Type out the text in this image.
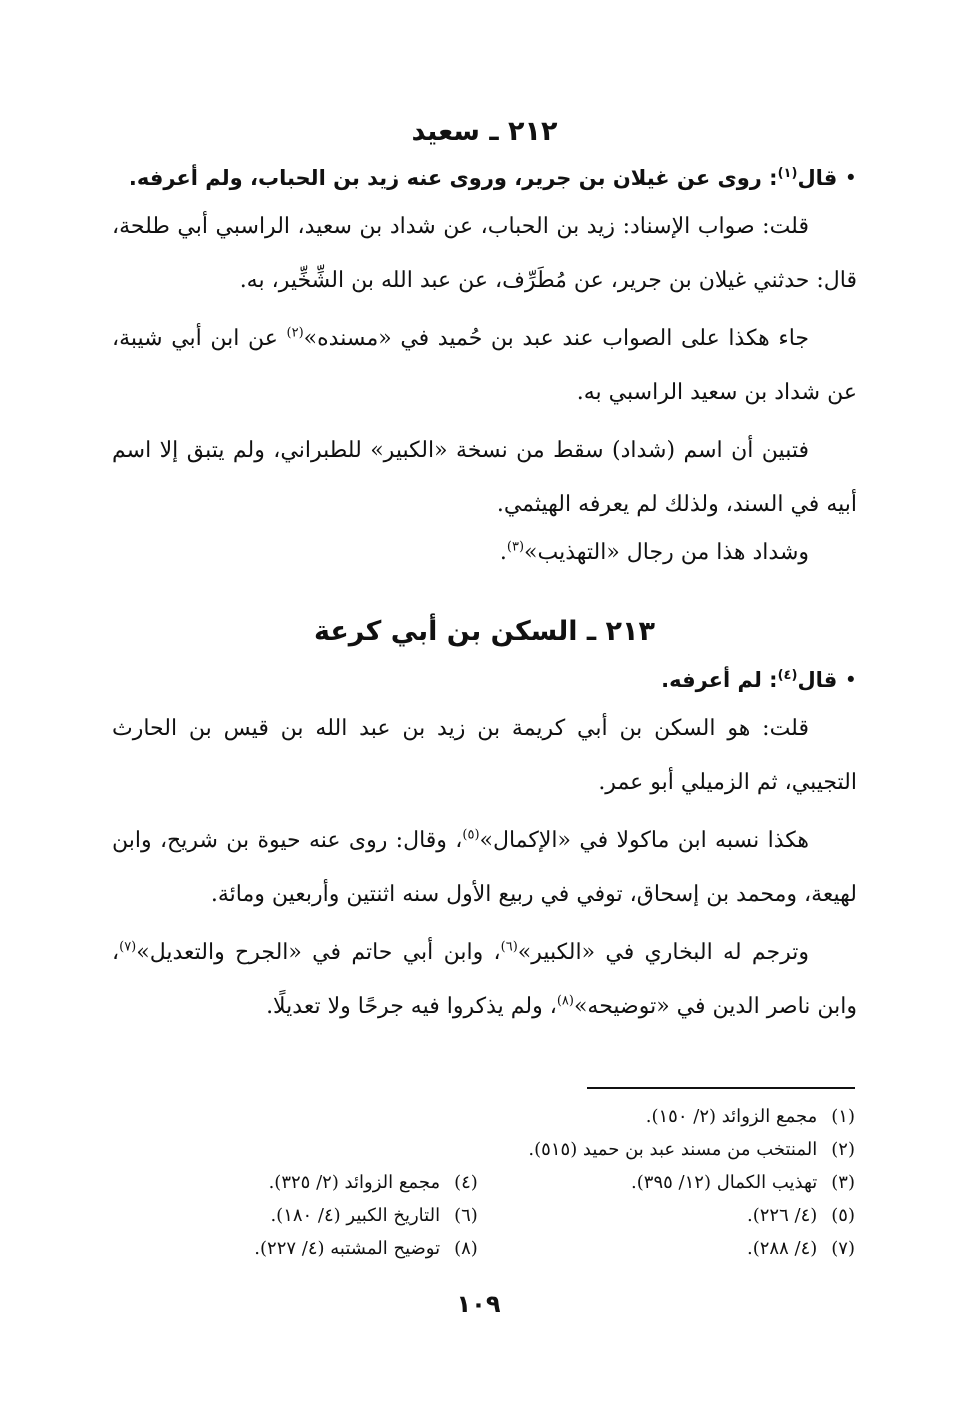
٢١٢ ـ سعيد

• قال$^{(١)}$: روى عن غيلان بن جرير، وروى عنه زيد بن الحباب، ولم أعرفه.

قلت: صواب الإسناد: زيد بن الحباب، عن شداد بن سعيد، الراسبي أبي طلحة، قال: حدثني غيلان بن جرير، عن مُطَرِّف، عن عبد الله بن الشِّخِّير، به.

جاء هكذا على الصواب عند عبد بن حُميد في «مسنده»$^{(٢)}$ عن ابن أبي شيبة، عن شداد بن سعيد الراسبي به.

فتبين أن اسم (شداد) سقط من نسخة «الكبير» للطبراني، ولم يتبق إلا اسم أبيه في السند، ولذلك لم يعرفه الهيثمي.

وشداد هذا من رجال «التهذيب»$^{(٣)}$.

٢١٣ ـ السكن بن أبي كرعة

• قال$^{(٤)}$: لم أعرفه.

قلت: هو السكن بن أبي كريمة بن زيد بن عبد الله بن قيس بن الحارث التجيبي، ثم الزميلي أبو عمر.

هكذا نسبه ابن ماكولا في «الإكمال»$^{(٥)}$، وقال: روى عنه حيوة بن شريح، وابن لهيعة، ومحمد بن إسحاق، توفي في ربيع الأول سنه اثنتين وأربعين ومائة.

وترجم له البخاري في «الكبير»$^{(٦)}$، وابن أبي حاتم في «الجرح والتعديل»$^{(٧)}$، وابن ناصر الدين في «توضيحه»$^{(٨)}$، ولم يذكروا فيه جرحًا ولا تعديلًا.

(١)مجمع الزوائد (٢/ ١٥٠).
(٢)المنتخب من مسند عبد بن حميد (٥١٥).
(٣)تهذيب الكمال (١٢/ ٣٩٥).
(٤)مجمع الزوائد (٢/ ٣٢٥).
(٥)(٤/ ٢٢٦).
(٦)التاريخ الكبير (٤/ ١٨٠).
(٧)(٤/ ٢٨٨).
(٨)توضيح المشتبه (٤/ ٢٢٧).
١٠٩
